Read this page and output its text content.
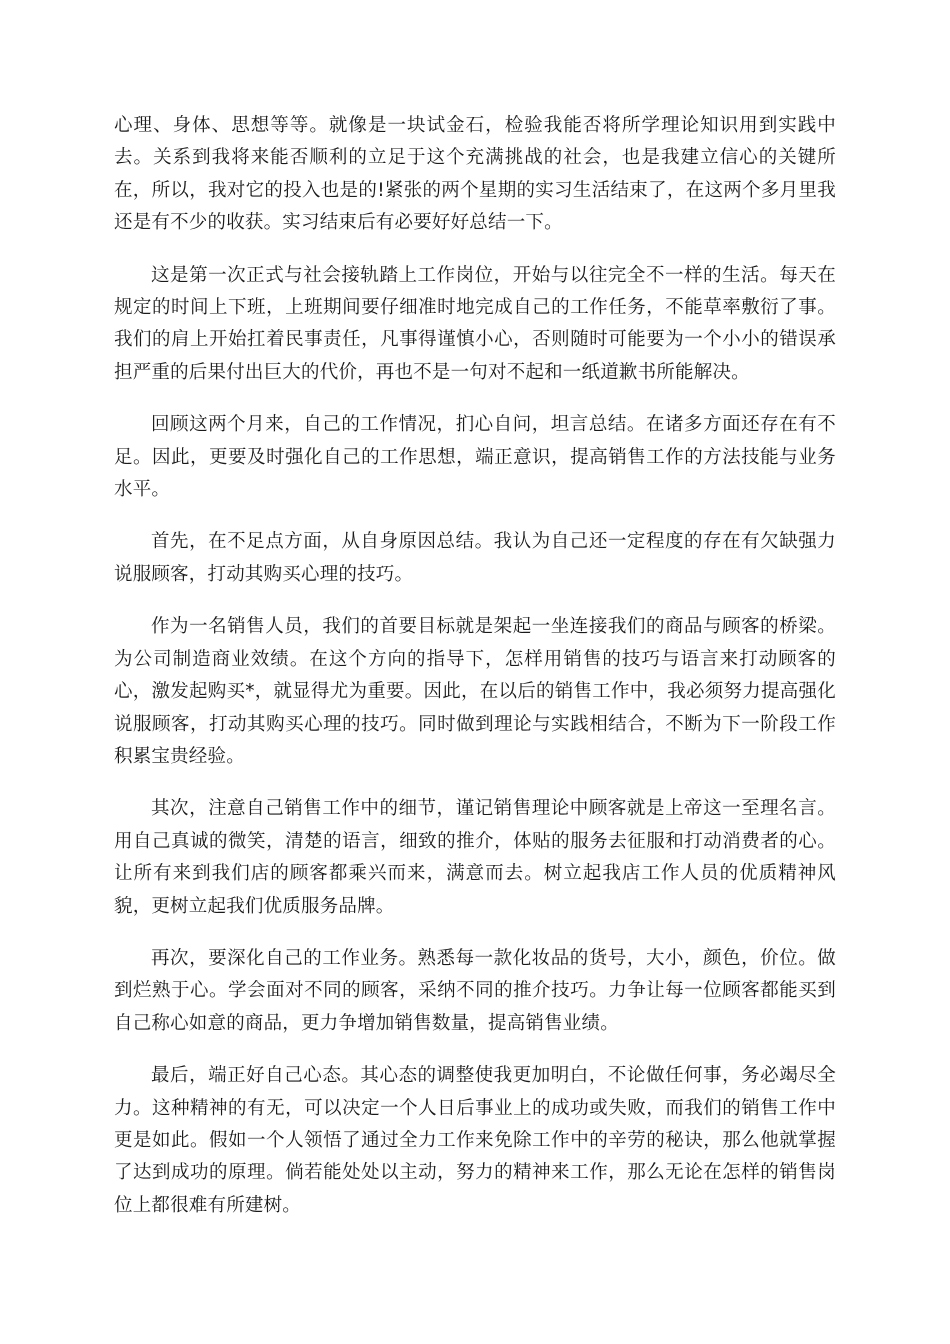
心理、身体、思想等等。就像是一块试金石，检验我能否将所学理论知识用到实践中去。关系到我将来能否顺利的立足于这个充满挑战的社会，也是我建立信心的关键所在，所以，我对它的投入也是的!紧张的两个星期的实习生活结束了，在这两个多月里我还是有不少的收获。实习结束后有必要好好总结一下。

这是第一次正式与社会接轨踏上工作岗位，开始与以往完全不一样的生活。每天在规定的时间上下班，上班期间要仔细准时地完成自己的工作任务，不能草率敷衍了事。我们的肩上开始扛着民事责任，凡事得谨慎小心，否则随时可能要为一个小小的错误承担严重的后果付出巨大的代价，再也不是一句对不起和一纸道歉书所能解决。

回顾这两个月来，自己的工作情况，扪心自问，坦言总结。在诸多方面还存在有不足。因此，更要及时强化自己的工作思想，端正意识，提高销售工作的方法技能与业务水平。

首先，在不足点方面，从自身原因总结。我认为自己还一定程度的存在有欠缺强力说服顾客，打动其购买心理的技巧。

作为一名销售人员，我们的首要目标就是架起一坐连接我们的商品与顾客的桥梁。为公司制造商业效绩。在这个方向的指导下，怎样用销售的技巧与语言来打动顾客的心，激发起购买*，就显得尤为重要。因此，在以后的销售工作中，我必须努力提高强化说服顾客，打动其购买心理的技巧。同时做到理论与实践相结合，不断为下一阶段工作积累宝贵经验。

其次，注意自己销售工作中的细节，谨记销售理论中顾客就是上帝这一至理名言。用自己真诚的微笑，清楚的语言，细致的推介，体贴的服务去征服和打动消费者的心。让所有来到我们店的顾客都乘兴而来，满意而去。树立起我店工作人员的优质精神风貌，更树立起我们优质服务品牌。

再次，要深化自己的工作业务。熟悉每一款化妆品的货号，大小，颜色，价位。做到烂熟于心。学会面对不同的顾客，采纳不同的推介技巧。力争让每一位顾客都能买到自己称心如意的商品，更力争增加销售数量，提高销售业绩。

最后，端正好自己心态。其心态的调整使我更加明白，不论做任何事，务必竭尽全力。这种精神的有无，可以决定一个人日后事业上的成功或失败，而我们的销售工作中更是如此。假如一个人领悟了通过全力工作来免除工作中的辛劳的秘诀，那么他就掌握了达到成功的原理。倘若能处处以主动，努力的精神来工作，那么无论在怎样的销售岗位上都很难有所建树。
